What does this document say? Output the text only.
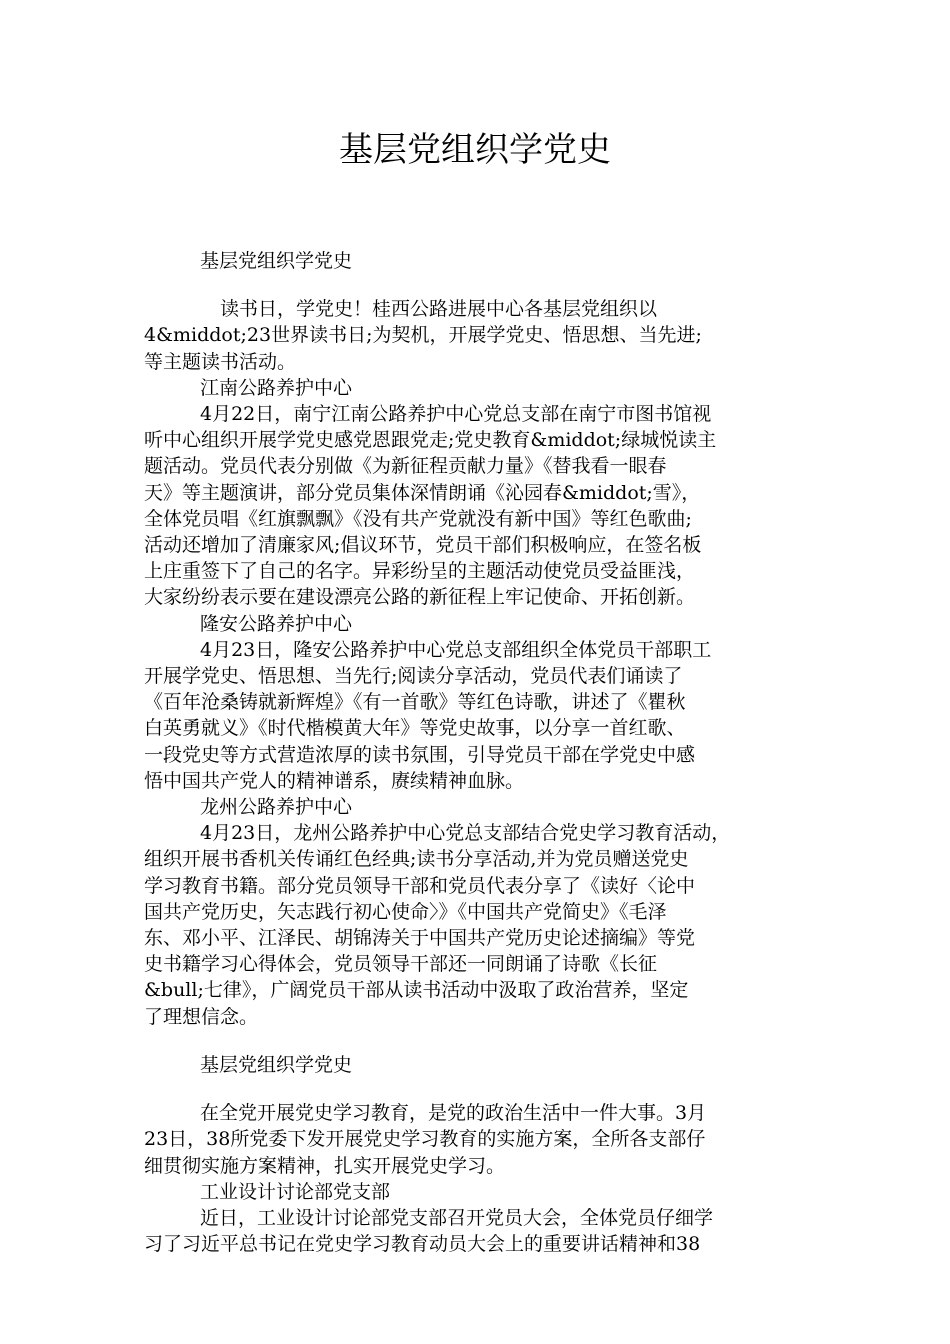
基层党组织学党史

基层党组织学党史

读书日，学党史！桂西公路进展中心各基层党组织以

4&middot;23世界读书日;为契机，开展学党史、悟思想、当先进;

等主题读书活动。

江南公路养护中心

4月22日，南宁江南公路养护中心党总支部在南宁市图书馆视

听中心组织开展学党史感党恩跟党走;党史教育&middot;绿城悦读主

题活动。党员代表分别做《为新征程贡献力量》《替我看一眼春

天》等主题演讲，部分党员集体深情朗诵《沁园春&middot;雪》，

全体党员唱《红旗飘飘》《没有共产党就没有新中国》等红色歌曲;

活动还增加了清廉家风;倡议环节，党员干部们积极响应，在签名板

上庄重签下了自己的名字。异彩纷呈的主题活动使党员受益匪浅，

大家纷纷表示要在建设漂亮公路的新征程上牢记使命、开拓创新。

隆安公路养护中心

4月23日，隆安公路养护中心党总支部组织全体党员干部职工

开展学党史、悟思想、当先行;阅读分享活动，党员代表们诵读了

《百年沧桑铸就新辉煌》《有一首歌》等红色诗歌，讲述了《瞿秋

白英勇就义》《时代楷模黄大年》等党史故事，以分享一首红歌、

一段党史等方式营造浓厚的读书氛围，引导党员干部在学党史中感

悟中国共产党人的精神谱系，赓续精神血脉。

龙州公路养护中心

4月23日，龙州公路养护中心党总支部结合党史学习教育活动，

组织开展书香机关传诵红色经典;读书分享活动,并为党员赠送党史

学习教育书籍。部分党员领导干部和党员代表分享了《读好〈论中

国共产党历史，矢志践行初心使命〉》《中国共产党简史》《毛泽

东、邓小平、江泽民、胡锦涛关于中国共产党历史论述摘编》等党

史书籍学习心得体会，党员领导干部还一同朗诵了诗歌《长征

&bull;七律》，广阔党员干部从读书活动中汲取了政治营养，坚定

了理想信念。

基层党组织学党史

在全党开展党史学习教育，是党的政治生活中一件大事。3月

23日，38所党委下发开展党史学习教育的实施方案，全所各支部仔

细贯彻实施方案精神，扎实开展党史学习。

工业设计讨论部党支部

近日，工业设计讨论部党支部召开党员大会，全体党员仔细学

习了习近平总书记在党史学习教育动员大会上的重要讲话精神和38
